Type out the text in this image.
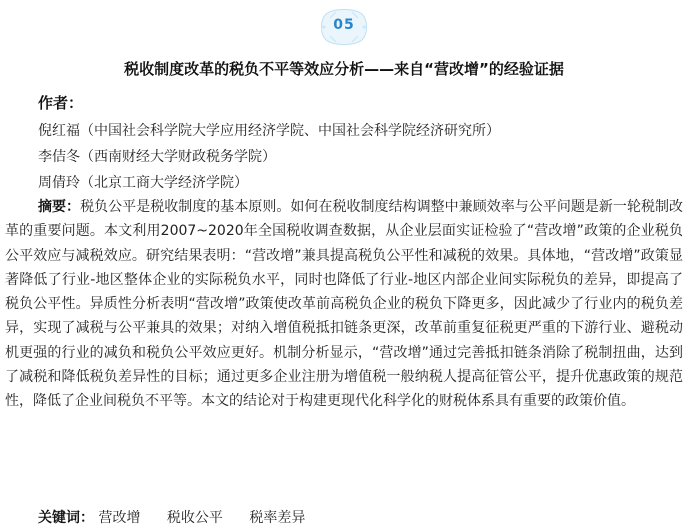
05
税收制度改革的税负不平等效应分析——来自“营改增”的经验证据
作者：
倪红福（中国社会科学院大学应用经济学院、中国社会科学院经济研究所）
李佶冬（西南财经大学财政税务学院）
周倩玲（北京工商大学经济学院）
摘要：税负公平是税收制度的基本原则。如何在税收制度结构调整中兼顾效率与公平问题是新一轮税制改革的重要问题。本文利用2007~2020年全国税收调查数据，从企业层面实证检验了“营改增”政策的企业税负公平效应与减税效应。研究结果表明：“营改增”兼具提高税负公平性和减税的效果。具体地，“营改增”政策显著降低了行业-地区整体企业的实际税负水平，同时也降低了行业-地区内部企业间实际税负的差异，即提高了税负公平性。异质性分析表明“营改增”政策使改革前高税负企业的税负下降更多，因此减少了行业内的税负差异，实现了减税与公平兼具的效果；对纳入增值税抵扣链条更深，改革前重复征税更严重的下游行业、避税动机更强的行业的减负和税负公平效应更好。机制分析显示，“营改增”通过完善抵扣链条消除了税制扭曲，达到了减税和降低税负差异性的目标；通过更多企业注册为增值税一般纳税人提高征管公平，提升优惠政策的规范性，降低了企业间税负不平等。本文的结论对于构建更现代化科学化的财税体系具有重要的政策价值。
关键词： 营改增 税收公平 税率差异
